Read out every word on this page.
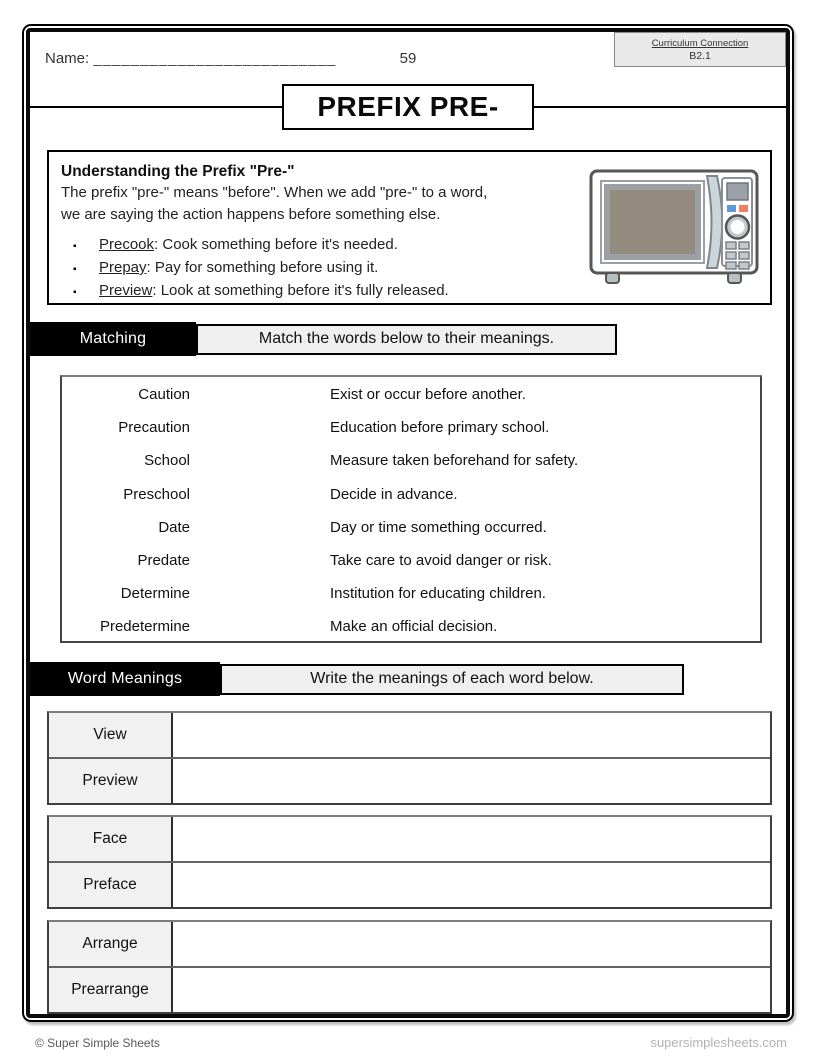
Name: __________________________	59
Curriculum Connection
B2.1
PREFIX PRE-
Understanding the Prefix "Pre-"
The prefix "pre-" means "before". When we add "pre-" to a word,
we are saying the action happens before something else.
▪	Precook: Cook something before it's needed.
▪	Prepay: Pay for something before using it.
▪	Preview: Look at something before it's fully released.
Matching	Match the words below to their meanings.
Caution	Exist or occur before another.
Precaution	Education before primary school.
School	Measure taken beforehand for safety.
Preschool	Decide in advance.
Date	Day or time something occurred.
Predate	Take care to avoid danger or risk.
Determine	Institution for educating children.
Predetermine	Make an official decision.
Word Meanings	Write the meanings of each word below.
View
Preview
Face
Preface
Arrange
Prearrange
© Super Simple Sheets	supersimplesheets.com
